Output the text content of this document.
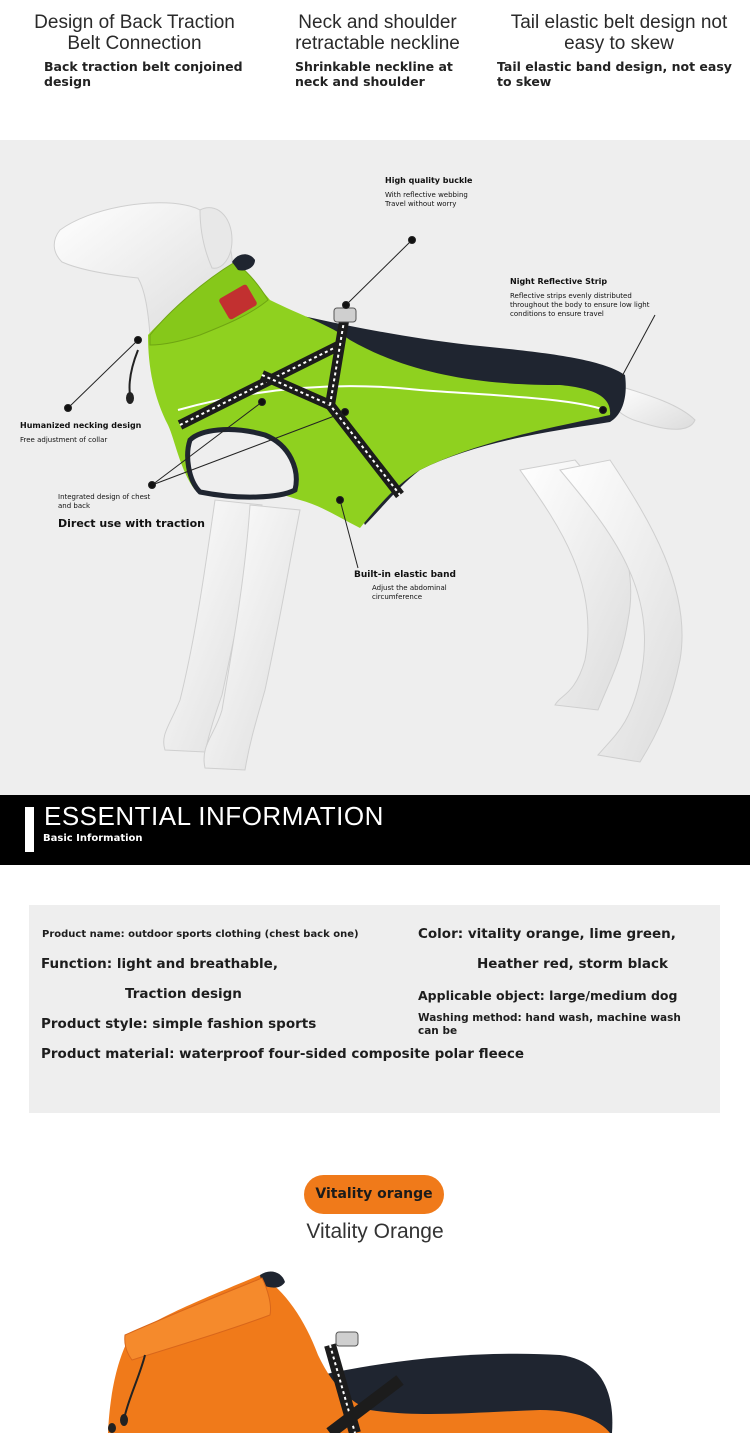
Design of Back Traction Belt Connection

Back traction belt conjoined design

Neck and shoulder retractable neckline

Shrinkable neckline at neck and shoulder

Tail elastic belt design not easy to skew

Tail elastic band design, not easy to skew

High quality buckle
With reflective webbing Travel without worry
Night Reflective Strip
Reflective strips evenly distributed throughout the body to ensure low light conditions to ensure travel
Humanized necking design
Free adjustment of collar
Integrated design of chest and back
Direct use with traction
Built-in elastic band
Adjust the abdominal circumference
ESSENTIAL INFORMATION
Basic Information
Product name: outdoor sports clothing (chest back one)
Function: light and breathable,
Traction design
Product style: simple fashion sports
Product material: waterproof four-sided composite polar fleece
Color: vitality orange, lime green,
Heather red, storm black
Applicable object: large/medium dog
Washing method: hand wash, machine wash can be
Vitality orange
Vitality Orange
